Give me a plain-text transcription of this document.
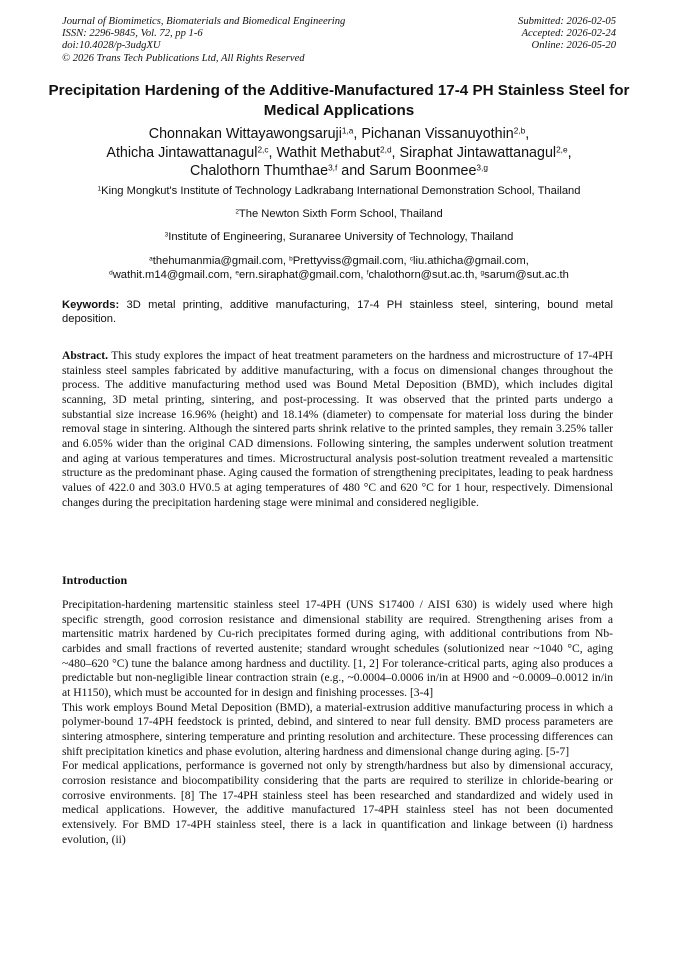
Journal of Biomimetics, Biomaterials and Biomedical Engineering	Submitted: 2026-02-05
ISSN: 2296-9845, Vol. 72, pp 1-6	Accepted: 2026-02-24
doi:10.4028/p-3udgXU	Online: 2026-05-20
© 2026 Trans Tech Publications Ltd, All Rights Reserved
Precipitation Hardening of the Additive-Manufactured 17-4 PH Stainless Steel for Medical Applications
Chonnakan Wittayawongsaruji$^{1,a}$, Pichanan Vissanuyothin$^{2,b}$,
Athicha Jintawattanagul$^{2,c}$, Wathit Methabut$^{2,d}$, Siraphat Jintawattanagul$^{2,e}$,
Chalothorn Thumthae$^{3,f}$ and Sarum Boonmee$^{3,g}$
$^1$King Mongkut's Institute of Technology Ladkrabang International Demonstration School, Thailand
$^2$The Newton Sixth Form School, Thailand
$^3$Institute of Engineering, Suranaree University of Technology, Thailand
$^a$thehumanmia@gmail.com, $^b$Prettyviss@gmail.com, $^c$liu.athicha@gmail.com,
$^d$wathit.m14@gmail.com, $^e$ern.siraphat@gmail.com, $^f$chalothorn@sut.ac.th, $^g$sarum@sut.ac.th
Keywords: 3D metal printing, additive manufacturing, 17-4 PH stainless steel, sintering, bound metal deposition.
Abstract. This study explores the impact of heat treatment parameters on the hardness and microstructure of 17-4PH stainless steel samples fabricated by additive manufacturing, with a focus on dimensional changes throughout the process. The additive manufacturing method used was Bound Metal Deposition (BMD), which includes digital scanning, 3D metal printing, sintering, and post-processing. It was observed that the printed parts undergo a substantial size increase 16.96% (height) and 18.14% (diameter) to compensate for material loss during the binder removal stage in sintering. Although the sintered parts shrink relative to the printed samples, they remain 3.25% taller and 6.05% wider than the original CAD dimensions. Following sintering, the samples underwent solution treatment and aging at various temperatures and times. Microstructural analysis post-solution treatment revealed a martensitic structure as the predominant phase. Aging caused the formation of strengthening precipitates, leading to peak hardness values of 422.0 and 303.0 HV0.5 at aging temperatures of 480 °C and 620 °C for 1 hour, respectively. Dimensional changes during the precipitation hardening stage were minimal and considered negligible.
Introduction

Precipitation-hardening martensitic stainless steel 17-4PH (UNS S17400 / AISI 630) is widely used where high specific strength, good corrosion resistance and dimensional stability are required. Strengthening arises from a martensitic matrix hardened by Cu-rich precipitates formed during aging, with additional contributions from Nb-carbides and small fractions of reverted austenite; standard wrought schedules (solutionized near ~1040 °C, aging ~480–620 °C) tune the balance among hardness and ductility. [1, 2] For tolerance-critical parts, aging also produces a predictable but non-negligible linear contraction strain (e.g., ~0.0004–0.0006 in/in at H900 and ~0.0009–0.0012 in/in at H1150), which must be accounted for in design and finishing processes. [3-4]

This work employs Bound Metal Deposition (BMD), a material-extrusion additive manufacturing process in which a polymer-bound 17-4PH feedstock is printed, debind, and sintered to near full density. BMD process parameters are sintering atmosphere, sintering temperature and printing resolution and architecture. These processing differences can shift precipitation kinetics and phase evolution, altering hardness and dimensional change during aging. [5-7]

For medical applications, performance is governed not only by strength/hardness but also by dimensional accuracy, corrosion resistance and biocompatibility considering that the parts are required to sterilize in chloride-bearing or corrosive environments. [8] The 17-4PH stainless steel has been researched and standardized and widely used in medical applications. However, the additive manufactured 17-4PH stainless steel has not been documented extensively. For BMD 17-4PH stainless steel, there is a lack in quantification and linkage between (i) hardness evolution, (ii)
